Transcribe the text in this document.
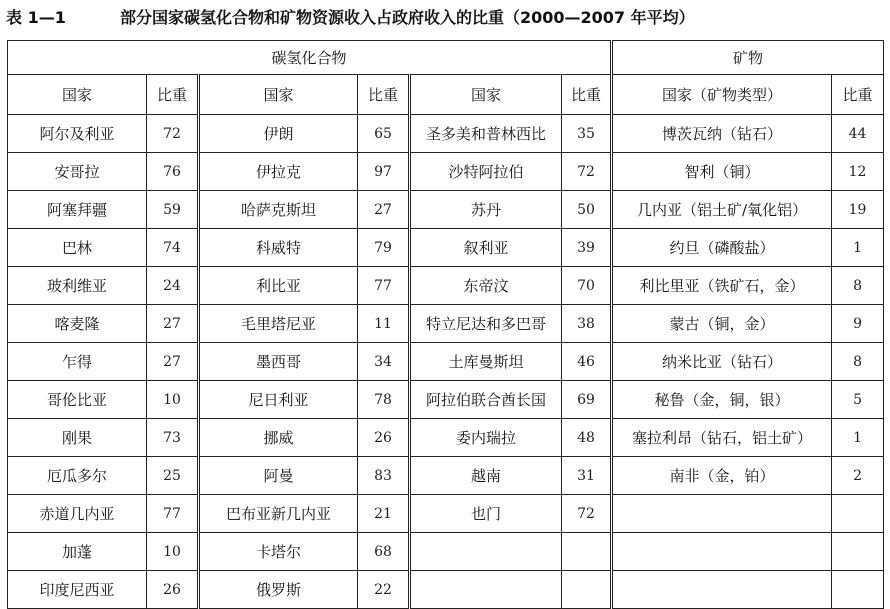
表 1—1	部分国家碳氢化合物和矿物资源收入占政府收入的比重（2000—2007 年平均）
碳氢化合物						矿物	
国家	比重	国家	比重	国家	比重	国家（矿物类型）	比重
阿尔及利亚	72	伊朗	65	圣多美和普林西比	35	博茨瓦纳（钻石）	44
安哥拉	76	伊拉克	97	沙特阿拉伯	72	智利（铜）	12
阿塞拜疆	59	哈萨克斯坦	27	苏丹	50	几内亚（铝土矿/氧化铝）	19
巴林	74	科威特	79	叙利亚	39	约旦（磷酸盐）	1
玻利维亚	24	利比亚	77	东帝汶	70	利比里亚（铁矿石，金）	8
喀麦隆	27	毛里塔尼亚	11	特立尼达和多巴哥	38	蒙古（铜，金）	9
乍得	27	墨西哥	34	土库曼斯坦	46	纳米比亚（钻石）	8
哥伦比亚	10	尼日利亚	78	阿拉伯联合酋长国	69	秘鲁（金，铜，银）	5
刚果	73	挪威	26	委内瑞拉	48	塞拉利昂（钻石，铝土矿）	1
厄瓜多尔	25	阿曼	83	越南	31	南非（金，铂）	2
赤道几内亚	77	巴布亚新几内亚	21	也门	72		
加蓬	10	卡塔尔	68				
印度尼西亚	26	俄罗斯	22				
